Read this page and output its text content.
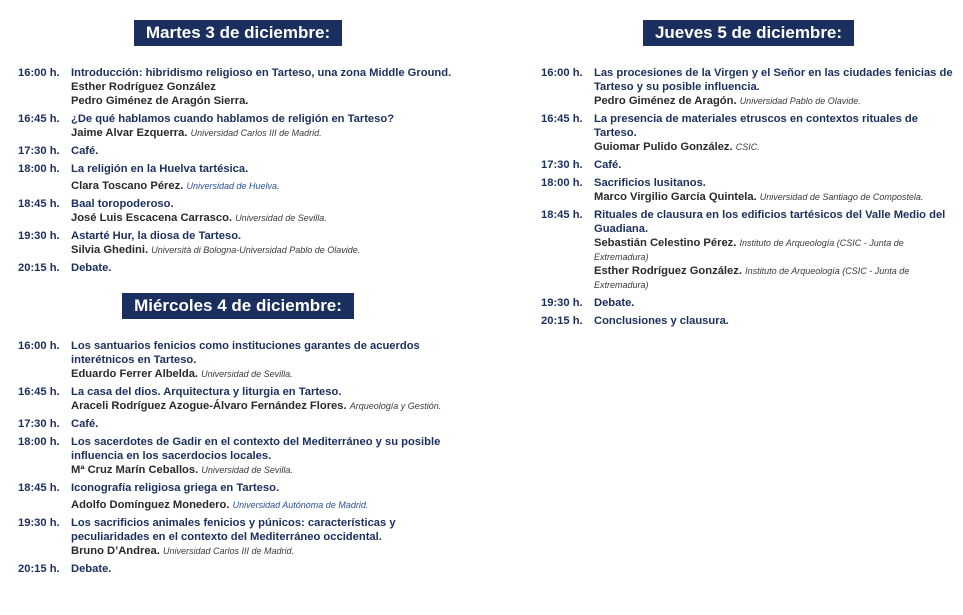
Martes 3 de diciembre:
16:00 h.	Introducción: hibridismo religioso en Tarteso, una zona Middle Ground.
Esther Rodríguez González
Pedro Giménez de Aragón Sierra.
16:45 h.	¿De qué hablamos cuando hablamos de religión en Tarteso?
Jaime Alvar Ezquerra. Universidad Carlos III de Madrid.
17:30 h.	Café.
18:00 h.	La religión en la Huelva tartésica.
Clara Toscano Pérez. Universidad de Huelva.
18:45 h.	Baal toropoderoso.
José Luis Escacena Carrasco. Universidad de Sevilla.
19:30 h.	Astarté Hur, la diosa de Tarteso.
Silvia Ghedini. Università di Bologna-Universidad Pablo de Olavide.
20:15 h.	Debate.
Miércoles 4 de diciembre:
16:00 h.	Los santuarios fenicios como instituciones garantes de acuerdos interétnicos en Tarteso.
Eduardo Ferrer Albelda. Universidad de Sevilla.
16:45 h.	La casa del dios. Arquitectura y liturgia en Tarteso.
Araceli Rodríguez Azogue-Álvaro Fernández Flores. Arqueología y Gestión.
17:30 h.	Café.
18:00 h.	Los sacerdotes de Gadir en el contexto del Mediterráneo y su posible influencia en los sacerdocios locales.
Mª Cruz Marín Ceballos. Universidad de Sevilla.
18:45 h.	Iconografía religiosa griega en Tarteso.
Adolfo Domínguez Monedero. Universidad Autónoma de Madrid.
19:30 h.	Los sacrificios animales fenicios y púnicos: características y peculiaridades en el contexto del Mediterráneo occidental.
Bruno D’Andrea. Universidad Carlos III de Madrid.
20:15 h.	Debate.
Jueves 5 de diciembre:
16:00 h.	Las procesiones de la Virgen y el Señor en las ciudades fenicias de Tarteso y su posible influencia.
Pedro Giménez de Aragón. Universidad Pablo de Olavide.
16:45 h.	La presencia de materiales etruscos en contextos rituales de Tarteso.
Guiomar Pulido González. CSIC.
17:30 h.	Café.
18:00 h.	Sacrificios lusitanos.
Marco Virgilio García Quintela. Universidad de Santiago de Compostela.
18:45 h.	Rituales de clausura en los edificios tartésicos del Valle Medio del Guadiana.
Sebastián Celestino Pérez. Instituto de Arqueología (CSIC - Junta de Extremadura)
Esther Rodríguez González. Instituto de Arqueología (CSIC - Junta de Extremadura)
19:30 h.	Debate.
20:15 h.	Conclusiones y clausura.
